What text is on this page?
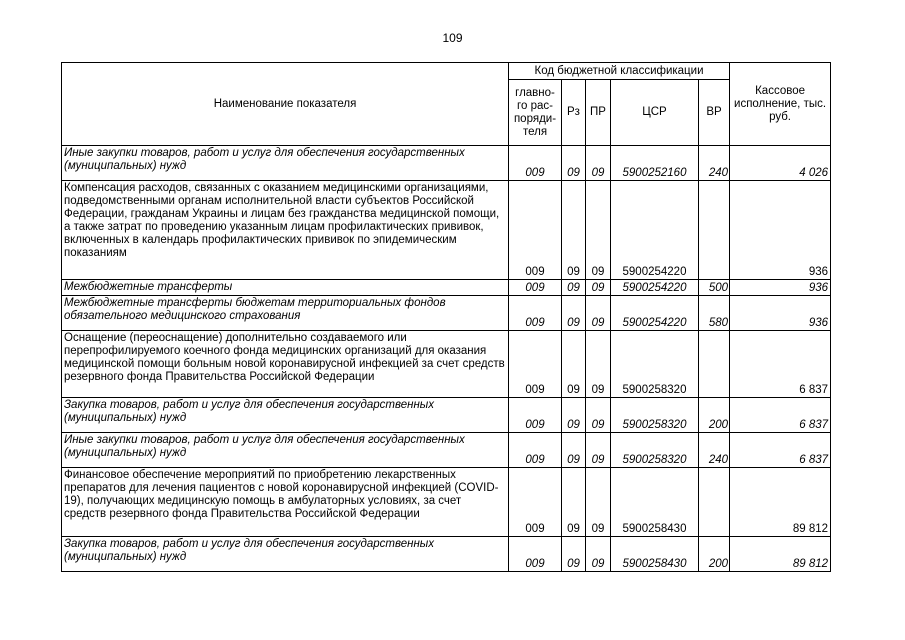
109
Наименование показателя	Код бюджетной классификации					Кассовое исполнение, тыс. руб.
	главно-го рас-поряди-теля	Рз	ПР	ЦСР	ВР	
Иные закупки товаров, работ и услуг для обеспечения государственных (муниципальных) нужд	009	09	09	5900252160	240	4 026
Компенсация расходов, связанных с оказанием медицинскими организациями, подведомственными органам исполнительной власти субъектов Российской Федерации, гражданам Украины и лицам без гражданства медицинской помощи, а также затрат по проведению указанным лицам профилактических прививок, включенных в календарь профилактических прививок по эпидемическим показаниям	009	09	09	5900254220		936
Межбюджетные трансферты	009	09	09	5900254220	500	936
Межбюджетные трансферты бюджетам территориальных фондов обязательного медицинского страхования	009	09	09	5900254220	580	936
Оснащение (переоснащение) дополнительно создаваемого или перепрофилируемого коечного фонда медицинских организаций для оказания медицинской помощи больным новой коронавирусной инфекцией за счет средств резервного фонда Правительства Российской Федерации	009	09	09	5900258320		6 837
Закупка товаров, работ и услуг для обеспечения государственных (муниципальных) нужд	009	09	09	5900258320	200	6 837
Иные закупки товаров, работ и услуг для обеспечения государственных (муниципальных) нужд	009	09	09	5900258320	240	6 837
Финансовое обеспечение мероприятий по приобретению лекарственных препаратов для лечения пациентов с новой коронавирусной инфекцией (COVID-19), получающих медицинскую помощь в амбулаторных условиях, за счет средств резервного фонда Правительства Российской Федерации	009	09	09	5900258430		89 812
Закупка товаров, работ и услуг для обеспечения государственных (муниципальных) нужд	009	09	09	5900258430	200	89 812
